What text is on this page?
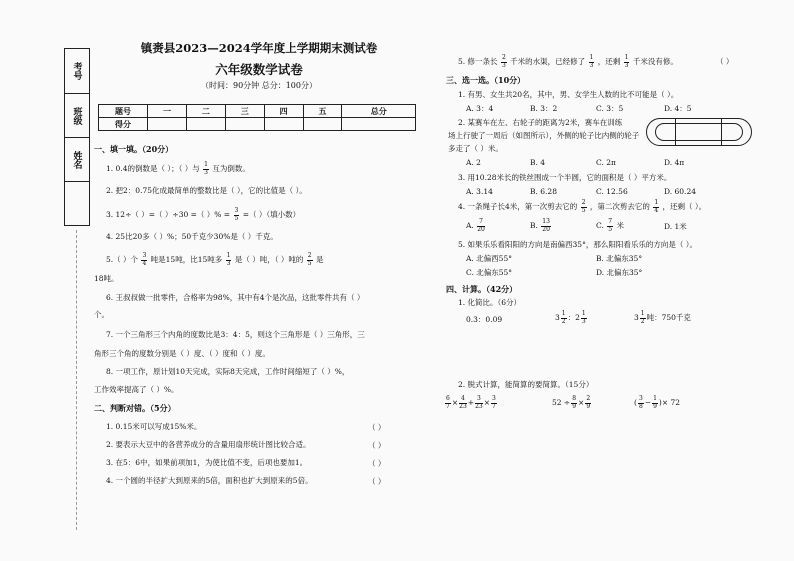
考号
班级
姓名
镇赉县2023—2024学年度上学期期末测试卷
六年级数学试卷
（时间：90分钟 总分：100分）
题号	一	二	三	四	五	总分
得分						
一、填一填。（20分）
1. 0.4的倒数是（ ）；（ ）与 $\frac{1}{3}$ 互为倒数。
2. 把2：0.75化成最简单的整数比是（ ），它的比值是（ ）。
3. 12÷（ ）=（ ）÷30 =（ ）% = $\frac{3}{5}$ =（ ）（填小数）
4. 25比20多（ ）%；50千克少30%是（ ）千克。
5.（ ）个 $\frac{3}{4}$ 吨是15吨，比15吨多 $\frac{1}{3}$ 是（ ）吨，（ ）吨的 $\frac{2}{5}$ 是
18吨。
6. 王叔叔做一批零件，合格率为98%，其中有4个是次品，这批零件共有（ ）
个。
7. 一个三角形三个内角的度数比是3：4：5，则这个三角形是（ ）三角形，三
角形三个角的度数分别是（ ）度、（ ）度和（ ）度。
8. 一项工作，原计划10天完成，实际8天完成，工作时间缩短了（ ）%，
工作效率提高了（ ）%。
二、判断对错。（5分）
1. 0.15米可以写成15%米。	（ ）
2. 要表示大豆中的各营养成分的含量用扇形统计图比较合适。	（ ）
3. 在5：6中，如果前项加1，为使比值不变，后项也要加1。	（ ）
4. 一个圆的半径扩大到原来的5倍，面积也扩大到原来的5倍。	（ ）
5. 修一条长 $\frac{2}{3}$ 千米的水渠，已经修了 $\frac{1}{3}$ ，还剩 $\frac{1}{3}$ 千米没有修。	（ ）
三、选一选。（10分）
1. 有男、女生共20名，其中，男、女学生人数的比不可能是（ ）。
A. 3：4	B. 3：2	C. 3：5	D. 4：5
2. 某赛车在左、右轮子的距离为2米，赛车在训练
场上行驶了一周后（如图所示），外侧的轮子比内侧的轮子
多走了（ ）米。
A. 2	B. 4	C. 2π	D. 4π
3. 用10.28米长的铁丝围成一个半圆，它的面积是（ ）平方米。
A. 3.14	B. 6.28	C. 12.56	D. 60.24
4. 一条绳子长4米，第一次剪去它的 $\frac{2}{5}$ ，第二次剪去它的 $\frac{1}{4}$ ，还剩（ ）。
A. $\frac{7}{20}$	B. $\frac{13}{20}$	C. $\frac{7}{5}$ 米	D. 1米
5. 如果乐乐看阳阳的方向是南偏西35°，那么阳阳看乐乐的方向是（ ）。
A. 北偏西55°	B. 北偏东35°
C. 北偏东55°	D. 北偏东35°
四、计算。（42分）
1. 化简比。（6分）
0.3：0.09	$3 \frac{1}{2}$ ：$2 \frac{1}{3}$	$3 \frac{1}{2}$ 吨：750千克
2. 脱式计算，能简算的要简算。（15分）
$\frac{6}{7} \times \frac{4}{23} + \frac{3}{23} \times \frac{3}{7}$	$52 \div \frac{8}{9} \times \frac{2}{9}$	( $\frac{3}{8} - \frac{1}{9}$ )× 72
